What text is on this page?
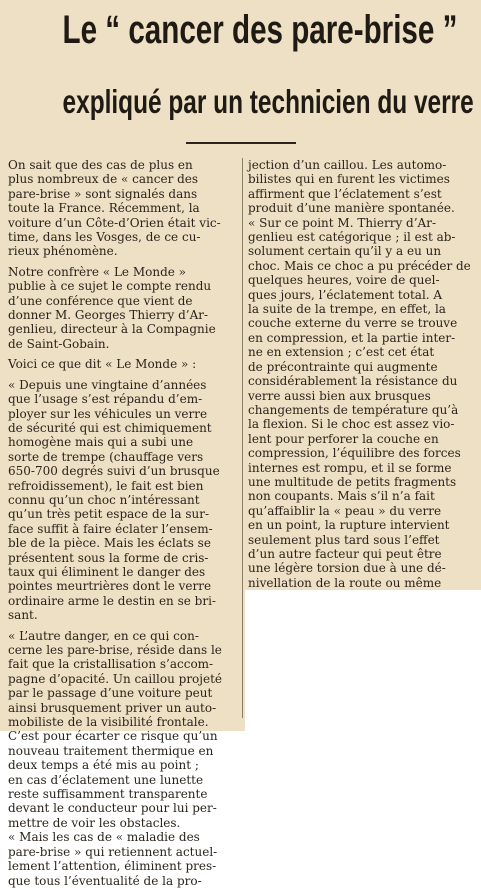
Le “ cancer des pare-brise ”
expliqué par un technicien du verre
On sait que des cas de plus en
plus nombreux de « cancer des
pare-brise » sont signalés dans
toute la France. Récemment, la
voiture d’un Côte-d’Orien était vic-
time, dans les Vosges, de ce cu-
rieux phénomène.
Notre confrère « Le Monde »
publie à ce sujet le compte rendu
d’une conférence que vient de
donner M. Georges Thierry d’Ar-
genlieu, directeur à la Compagnie
de Saint-Gobain.
Voici ce que dit « Le Monde » :
« Depuis une vingtaine d’années
que l’usage s’est répandu d’em-
ployer sur les véhicules un verre
de sécurité qui est chimiquement
homogène mais qui a subi une
sorte de trempe (chauffage vers
650-700 degrés suivi d’un brusque
refroidissement), le fait est bien
connu qu’un choc n’intéressant
qu’un très petit espace de la sur-
face suffit à faire éclater l’ensem-
ble de la pièce. Mais les éclats se
présentent sous la forme de cris-
taux qui éliminent le danger des
pointes meurtrières dont le verre
ordinaire arme le destin en se bri-
sant.
« L’autre danger, en ce qui con-
cerne les pare-brise, réside dans le
fait que la cristallisation s’accom-
pagne d’opacité. Un caillou projeté
par le passage d’une voiture peut
ainsi brusquement priver un auto-
mobiliste de la visibilité frontale.
C’est pour écarter ce risque qu’un
nouveau traitement thermique en
deux temps a été mis au point ;
en cas d’éclatement une lunette
reste suffisamment transparente
devant le conducteur pour lui per-
mettre de voir les obstacles.
« Mais les cas de « maladie des
pare-brise » qui retiennent actuel-
lement l’attention, éliminent pres-
que tous l’éventualité de la pro-
jection d’un caillou. Les automo-
bilistes qui en furent les victimes
affirment que l’éclatement s’est
produit d’une manière spontanée.
« Sur ce point M. Thierry d’Ar-
genlieu est catégorique ; il est ab-
solument certain qu’il y a eu un
choc. Mais ce choc a pu précéder de
quelques heures, voire de quel-
ques jours, l’éclatement total. A
la suite de la trempe, en effet, la
couche externe du verre se trouve
en compression, et la partie inter-
ne en extension ; c’est cet état
de précontrainte qui augmente
considérablement la résistance du
verre aussi bien aux brusques
changements de température qu’à
la flexion. Si le choc est assez vio-
lent pour perforer la couche en
compression, l’équilibre des forces
internes est rompu, et il se forme
une multitude de petits fragments
non coupants. Mais s’il n’a fait
qu’affaiblir la « peau » du verre
en un point, la rupture intervient
seulement plus tard sous l’effet
d’un autre facteur qui peut être
une légère torsion due à une dé-
nivellation de la route ou même
